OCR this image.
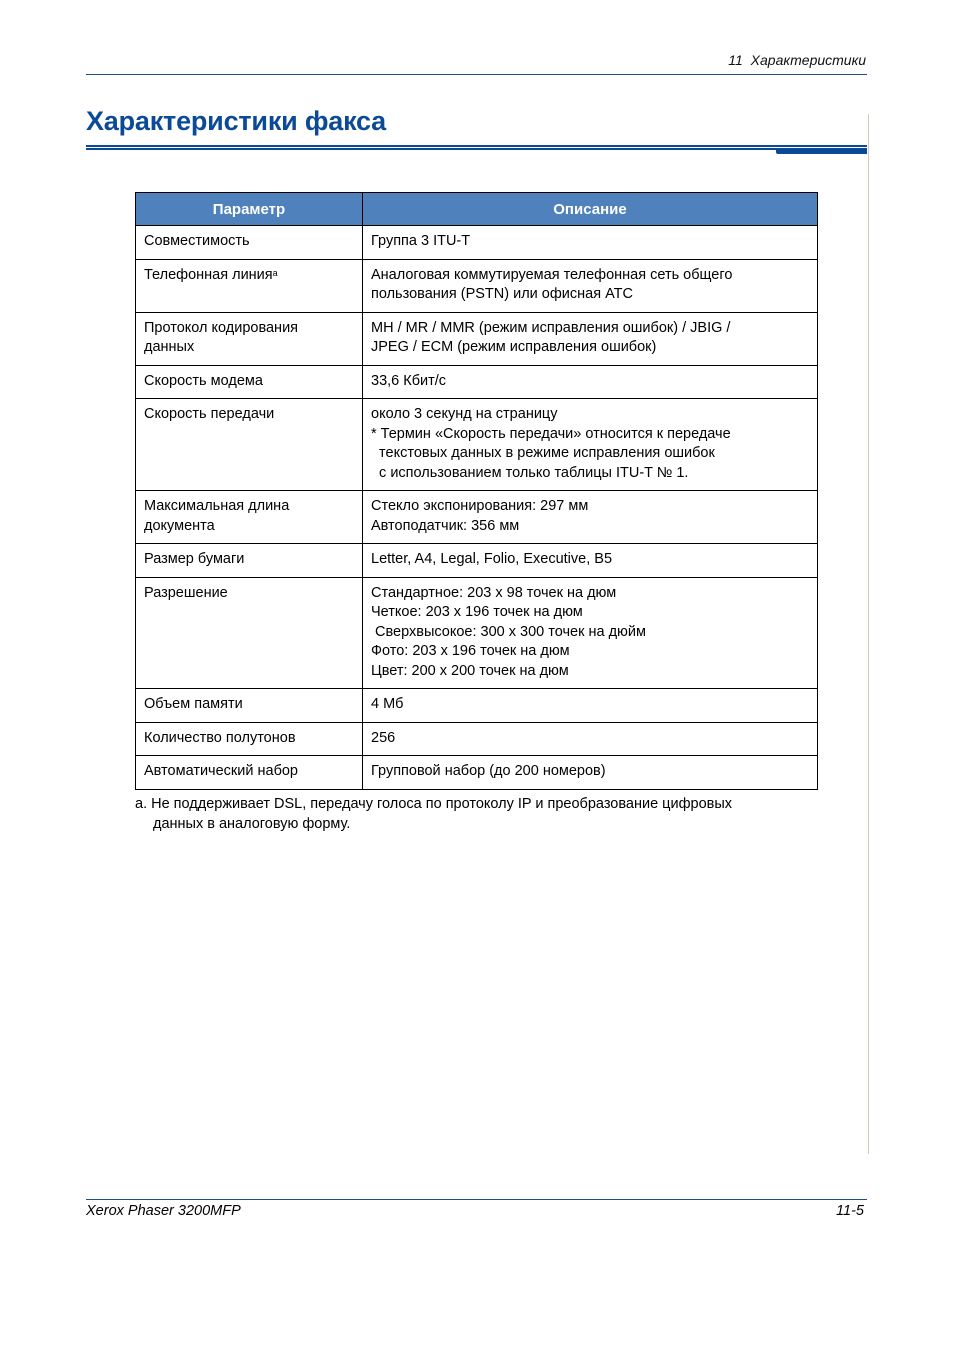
11 Характеристики
Характеристики факса
Параметр	Описание

Совместимость	Группа 3 ITU-T

Телефонная линия$^a$	Аналоговая коммутируемая телефонная сеть общего
пользования (PSTN) или офисная АТС

Протокол кодирования
данных	MH / MR / MMR (режим исправления ошибок) / JBIG /
JPEG / ECM (режим исправления ошибок)

Скорость модема	33,6 Кбит/с

Скорость передачи	около 3 секунд на страницу
* Термин «Скорость передачи» относится к передаче
текстовых данных в режиме исправления ошибок
с использованием только таблицы ITU-T № 1.

Максимальная длина
документа	Стекло экспонирования: 297 мм
Автоподатчик: 356 мм

Размер бумаги	Letter, A4, Legal, Folio, Executive, B5

Разрешение	Стандартное: 203 x 98 точек на дюм
Четкое: 203 x 196 точек на дюм
Сверхвысокое: 300 x 300 точек на дюйм
Фото: 203 x 196 точек на дюм
Цвет: 200 x 200 точек на дюм

Объем памяти	4 Мб

Количество полутонов	256

Автоматический набор	Групповой набор (до 200 номеров)
a. Не поддерживает DSL, передачу голоса по протоколу IP и преобразование цифровых
данных в аналоговую форму.
Xerox Phaser 3200MFP	11-5
